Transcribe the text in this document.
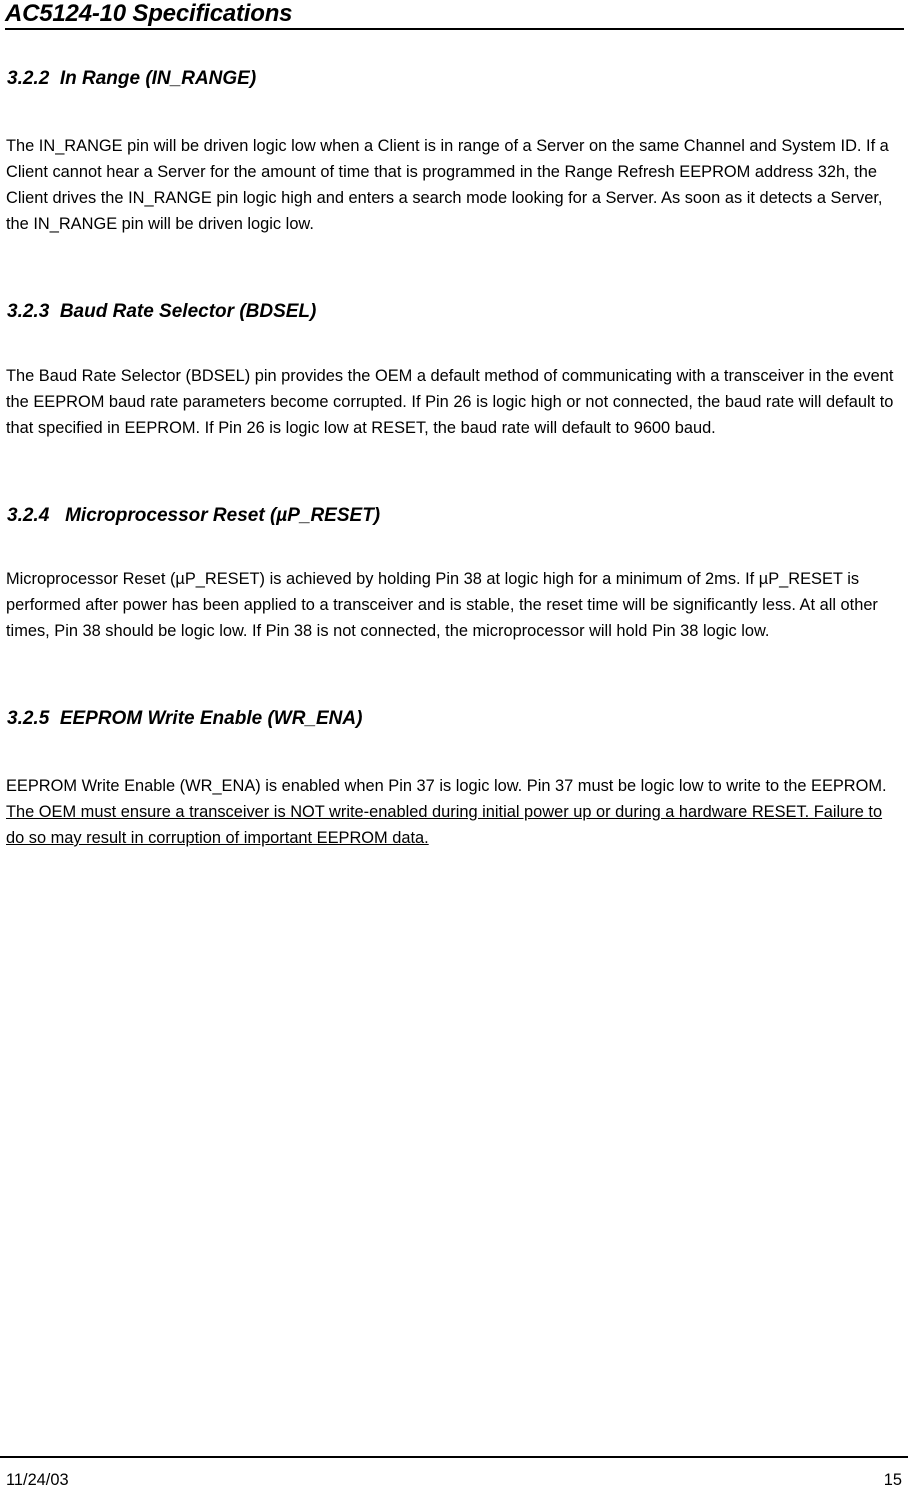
AC5124-10 Specifications
3.2.2  In Range (IN_RANGE)

The IN_RANGE pin will be driven logic low when a Client is in range of a Server on the same Channel and System ID. If a Client cannot hear a Server for the amount of time that is programmed in the Range Refresh EEPROM address 32h, the Client drives the IN_RANGE pin logic high and enters a search mode looking for a Server. As soon as it detects a Server, the IN_RANGE pin will be driven logic low.

3.2.3  Baud Rate Selector (BDSEL)

The Baud Rate Selector (BDSEL) pin provides the OEM a default method of communicating with a transceiver in the event the EEPROM baud rate parameters become corrupted. If Pin 26 is logic high or not connected, the baud rate will default to that specified in EEPROM. If Pin 26 is logic low at RESET, the baud rate will default to 9600 baud.

3.2.4   Microprocessor Reset (µP_RESET)

Microprocessor Reset (µP_RESET) is achieved by holding Pin 38 at logic high for a minimum of 2ms. If µP_RESET is performed after power has been applied to a transceiver and is stable, the reset time will be significantly less. At all other times, Pin 38 should be logic low. If Pin 38 is not connected, the microprocessor will hold Pin 38 logic low.

3.2.5  EEPROM Write Enable (WR_ENA)

EEPROM Write Enable (WR_ENA) is enabled when Pin 37 is logic low. Pin 37 must be logic low to write to the EEPROM. The OEM must ensure a transceiver is NOT write-enabled during initial power up or during a hardware RESET. Failure to do so may result in corruption of important EEPROM data.

11/24/03	15
